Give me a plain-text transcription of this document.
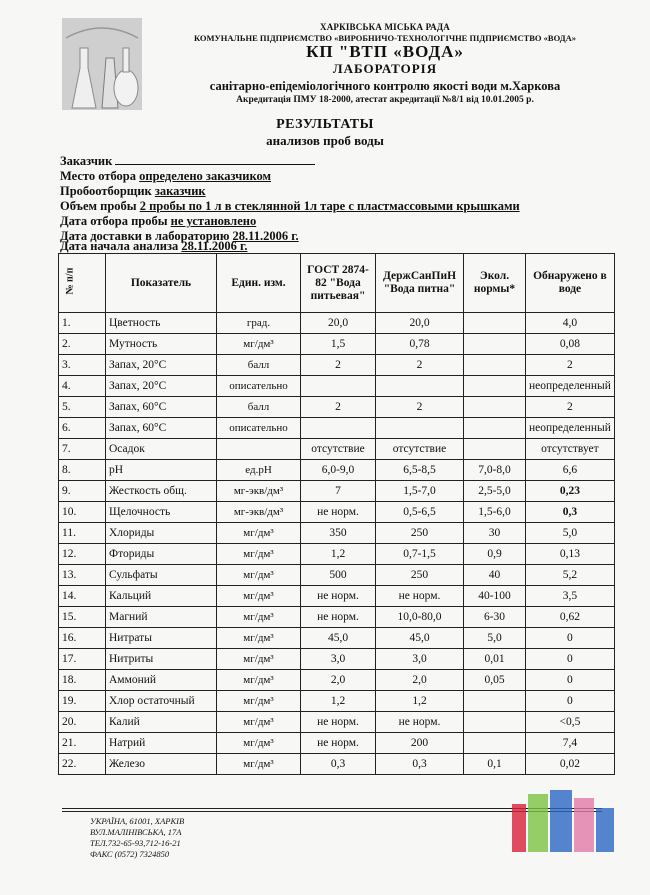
ХАРКІВСЬКА МІСЬКА РАДА
КОМУНАЛЬНЕ ПІДПРИЄМСТВО «ВИРОБНИЧО-ТЕХНОЛОГІЧНЕ ПІДПРИЄМСТВО «ВОДА»
КП "ВТП «ВОДА»
ЛАБОРАТОРІЯ
санітарно-епідеміологічного контролю якості води м.Харкова
Акредитація ПМУ 18-2000, атестат акредитації №8/1 від 10.01.2005 р.
РЕЗУЛЬТАТЫ
анализов проб воды
Заказчик
Место отбора определено заказчиком
Пробоотборщик заказчик
Объем пробы 2 пробы по 1 л в стеклянной 1л таре с пластмассовыми крышками
Дата отбора пробы не установлено
Дата доставки в лабораторию 28.11.2006 г.
Дата начала анализа 28.11.2006 г.
№ п/п	Показатель	Един. изм.	ГОСТ 2874-82 "Вода питьевая"	ДержСанПиН "Вода питна"	Экол. нормы*	Обнаружено в воде
1.	Цветность	град.	20,0	20,0		4,0
2.	Мутность	мг/дм³	1,5	0,78		0,08
3.	Запах, 20°С	балл	2	2		2
4.	Запах, 20°С	описательно				неопределенный
5.	Запах, 60°С	балл	2	2		2
6.	Запах, 60°С	описательно				неопределенный
7.	Осадок		отсутствие	отсутствие		отсутствует
8.	pH	ед.pH	6,0-9,0	6,5-8,5	7,0-8,0	6,6
9.	Жесткость общ.	мг-экв/дм³	7	1,5-7,0	2,5-5,0	0,23
10.	Щелочность	мг-экв/дм³	не норм.	0,5-6,5	1,5-6,0	0,3
11.	Хлориды	мг/дм³	350	250	30	5,0
12.	Фториды	мг/дм³	1,2	0,7-1,5	0,9	0,13
13.	Сульфаты	мг/дм³	500	250	40	5,2
14.	Кальций	мг/дм³	не норм.	не норм.	40-100	3,5
15.	Магний	мг/дм³	не норм.	10,0-80,0	6-30	0,62
16.	Нитраты	мг/дм³	45,0	45,0	5,0	0
17.	Нитриты	мг/дм³	3,0	3,0	0,01	0
18.	Аммоний	мг/дм³	2,0	2,0	0,05	0
19.	Хлор остаточный	мг/дм³	1,2	1,2		0
20.	Калий	мг/дм³	не норм.	не норм.		<0,5
21.	Натрий	мг/дм³	не норм.	200		7,4
22.	Железо	мг/дм³	0,3	0,3	0,1	0,02
УКРАЇНА, 61001, ХАРКІВ
ВУЛ.МАЛІНІВСЬКА, 17А
ТЕЛ.732-65-93,712-16-21
ФАКС (0572) 7324850
